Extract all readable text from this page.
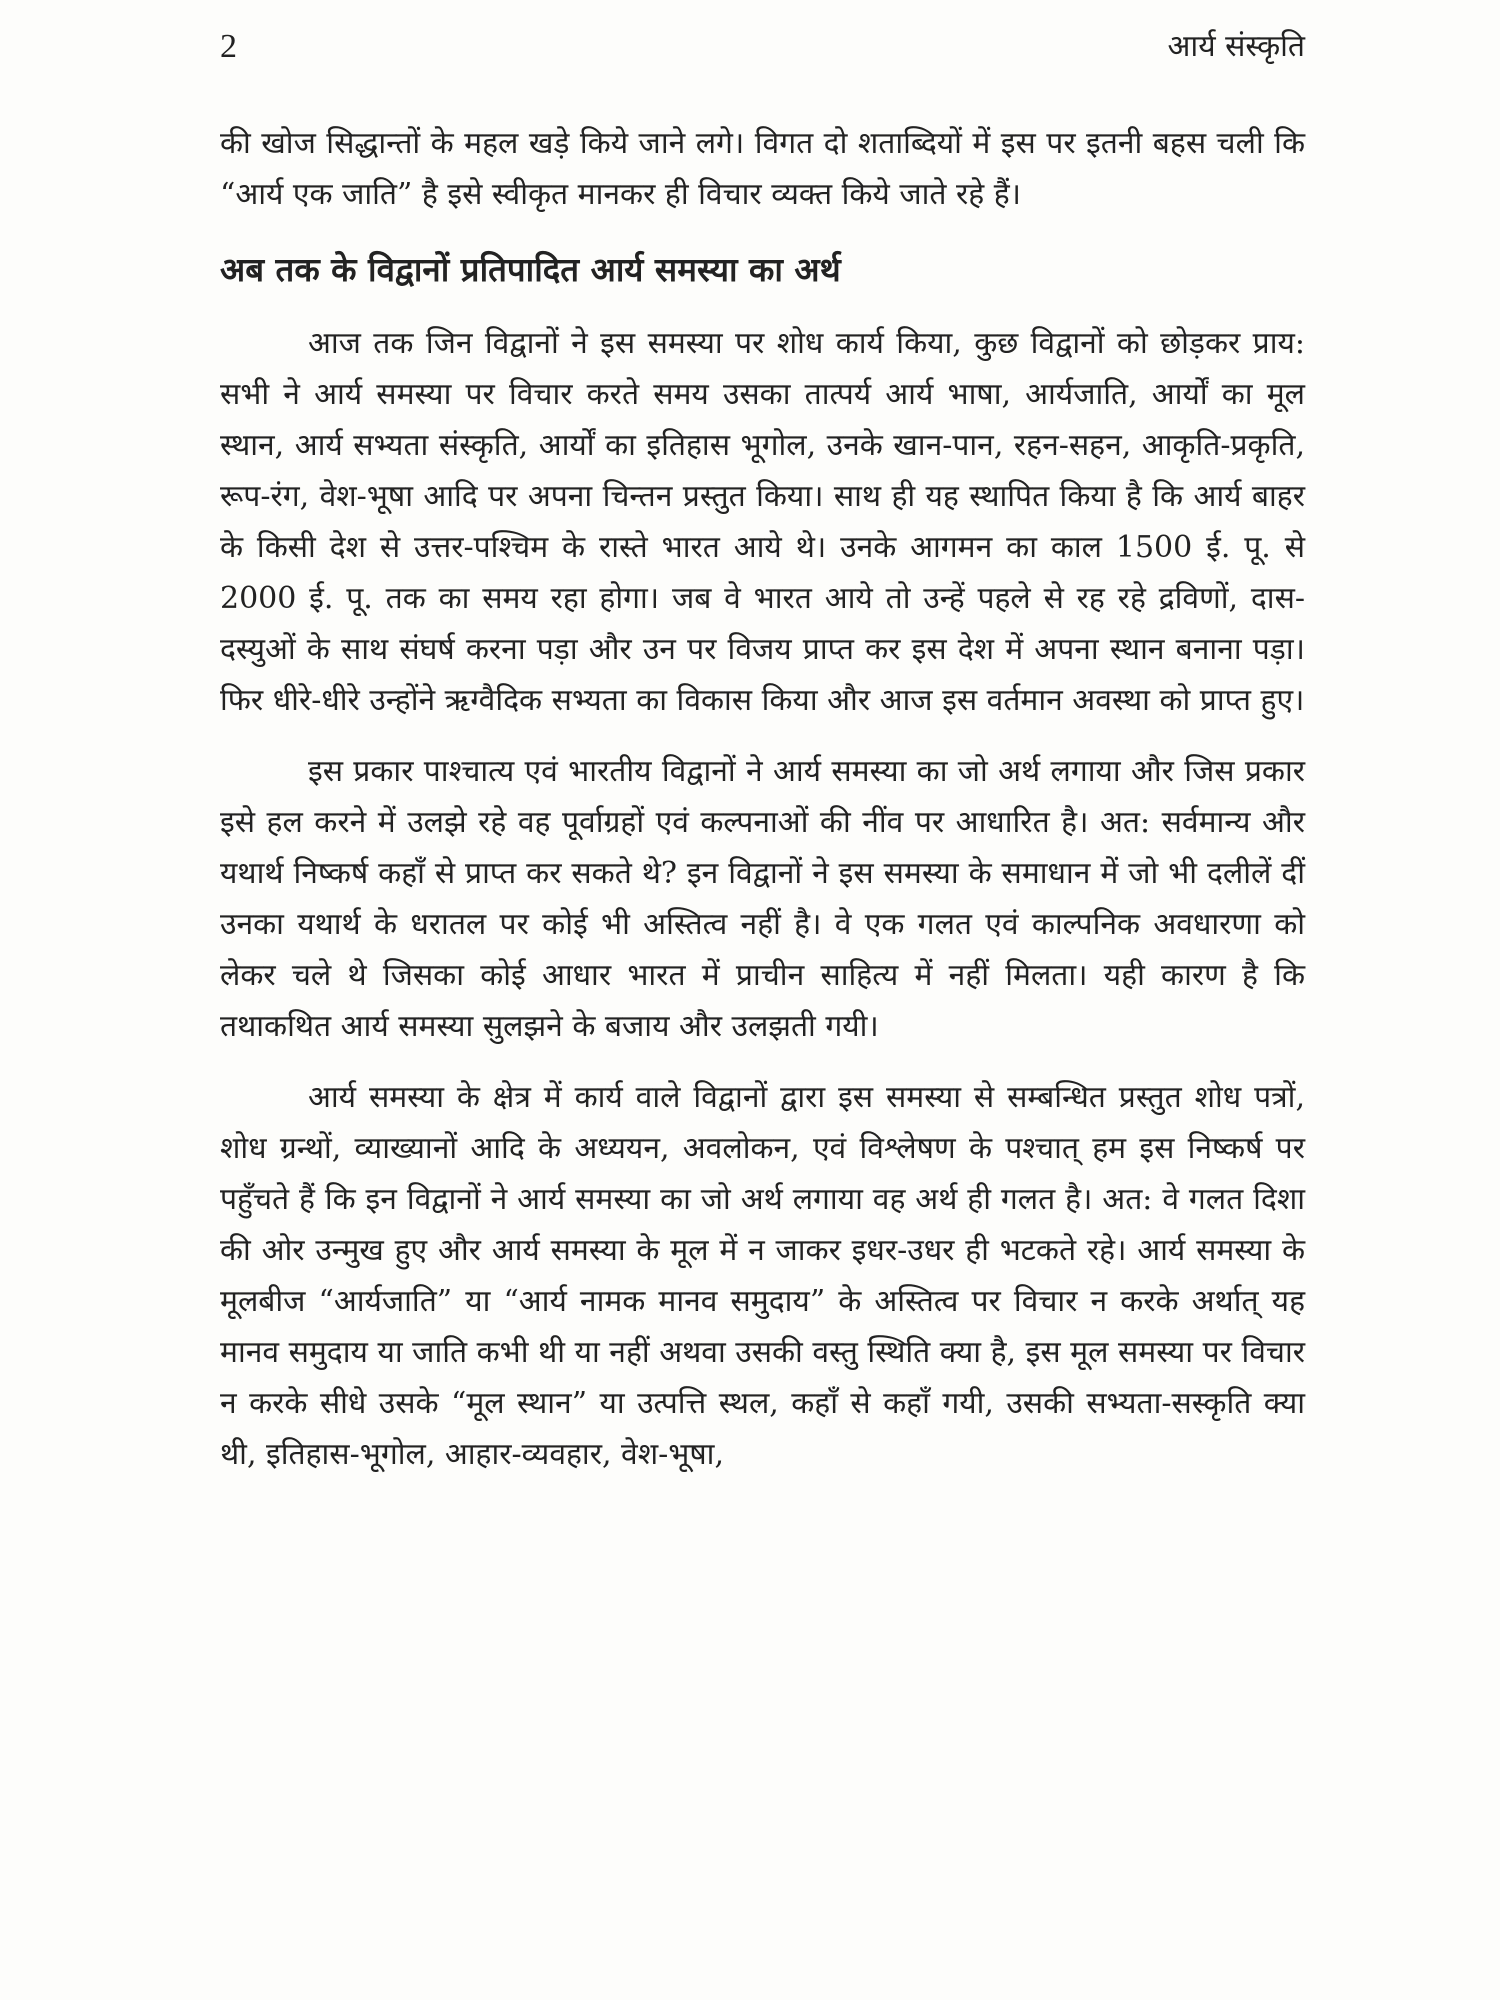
2	आर्य संस्कृति

की खोज सिद्धान्तों के महल खड़े किये जाने लगे। विगत दो शताब्दियों में इस पर इतनी बहस चली कि “आर्य एक जाति” है इसे स्वीकृत मानकर ही विचार व्यक्त किये जाते रहे हैं।

अब तक के विद्वानों प्रतिपादित आर्य समस्या का अर्थ

आज तक जिन विद्वानों ने इस समस्या पर शोध कार्य किया, कुछ विद्वानों को छोड़कर प्राय: सभी ने आर्य समस्या पर विचार करते समय उसका तात्पर्य आर्य भाषा, आर्यजाति, आर्यों का मूल स्थान, आर्य सभ्यता संस्कृति, आर्यों का इतिहास भूगोल, उनके खान-पान, रहन-सहन, आकृति-प्रकृति, रूप-रंग, वेश-भूषा आदि पर अपना चिन्तन प्रस्तुत किया। साथ ही यह स्थापित किया है कि आर्य बाहर के किसी देश से उत्तर-पश्चिम के रास्ते भारत आये थे। उनके आगमन का काल 1500 ई. पू. से 2000 ई. पू. तक का समय रहा होगा। जब वे भारत आये तो उन्हें पहले से रह रहे द्रविणों, दास-दस्युओं के साथ संघर्ष करना पड़ा और उन पर विजय प्राप्त कर इस देश में अपना स्थान बनाना पड़ा। फिर धीरे-धीरे उन्होंने ऋग्वैदिक सभ्यता का विकास किया और आज इस वर्तमान अवस्था को प्राप्त हुए।

इस प्रकार पाश्चात्य एवं भारतीय विद्वानों ने आर्य समस्या का जो अर्थ लगाया और जिस प्रकार इसे हल करने में उलझे रहे वह पूर्वाग्रहों एवं कल्पनाओं की नींव पर आधारित है। अत: सर्वमान्य और यथार्थ निष्कर्ष कहाँ से प्राप्त कर सकते थे? इन विद्वानों ने इस समस्या के समाधान में जो भी दलीलें दीं उनका यथार्थ के धरातल पर कोई भी अस्तित्व नहीं है। वे एक गलत एवं काल्पनिक अवधारणा को लेकर चले थे जिसका कोई आधार भारत में प्राचीन साहित्य में नहीं मिलता। यही कारण है कि तथाकथित आर्य समस्या सुलझने के बजाय और उलझती गयी।

आर्य समस्या के क्षेत्र में कार्य वाले विद्वानों द्वारा इस समस्या से सम्बन्धित प्रस्तुत शोध पत्रों, शोध ग्रन्थों, व्याख्यानों आदि के अध्ययन, अवलोकन, एवं विश्लेषण के पश्चात् हम इस निष्कर्ष पर पहुँचते हैं कि इन विद्वानों ने आर्य समस्या का जो अर्थ लगाया वह अर्थ ही गलत है। अत: वे गलत दिशा की ओर उन्मुख हुए और आर्य समस्या के मूल में न जाकर इधर-उधर ही भटकते रहे। आर्य समस्या के मूलबीज “आर्यजाति” या “आर्य नामक मानव समुदाय” के अस्तित्व पर विचार न करके अर्थात् यह मानव समुदाय या जाति कभी थी या नहीं अथवा उसकी वस्तु स्थिति क्या है, इस मूल समस्या पर विचार न करके सीधे उसके “मूल स्थान” या उत्पत्ति स्थल, कहाँ से कहाँ गयी, उसकी सभ्यता-सस्कृति क्या थी, इतिहास-भूगोल, आहार-व्यवहार, वेश-भूषा,
